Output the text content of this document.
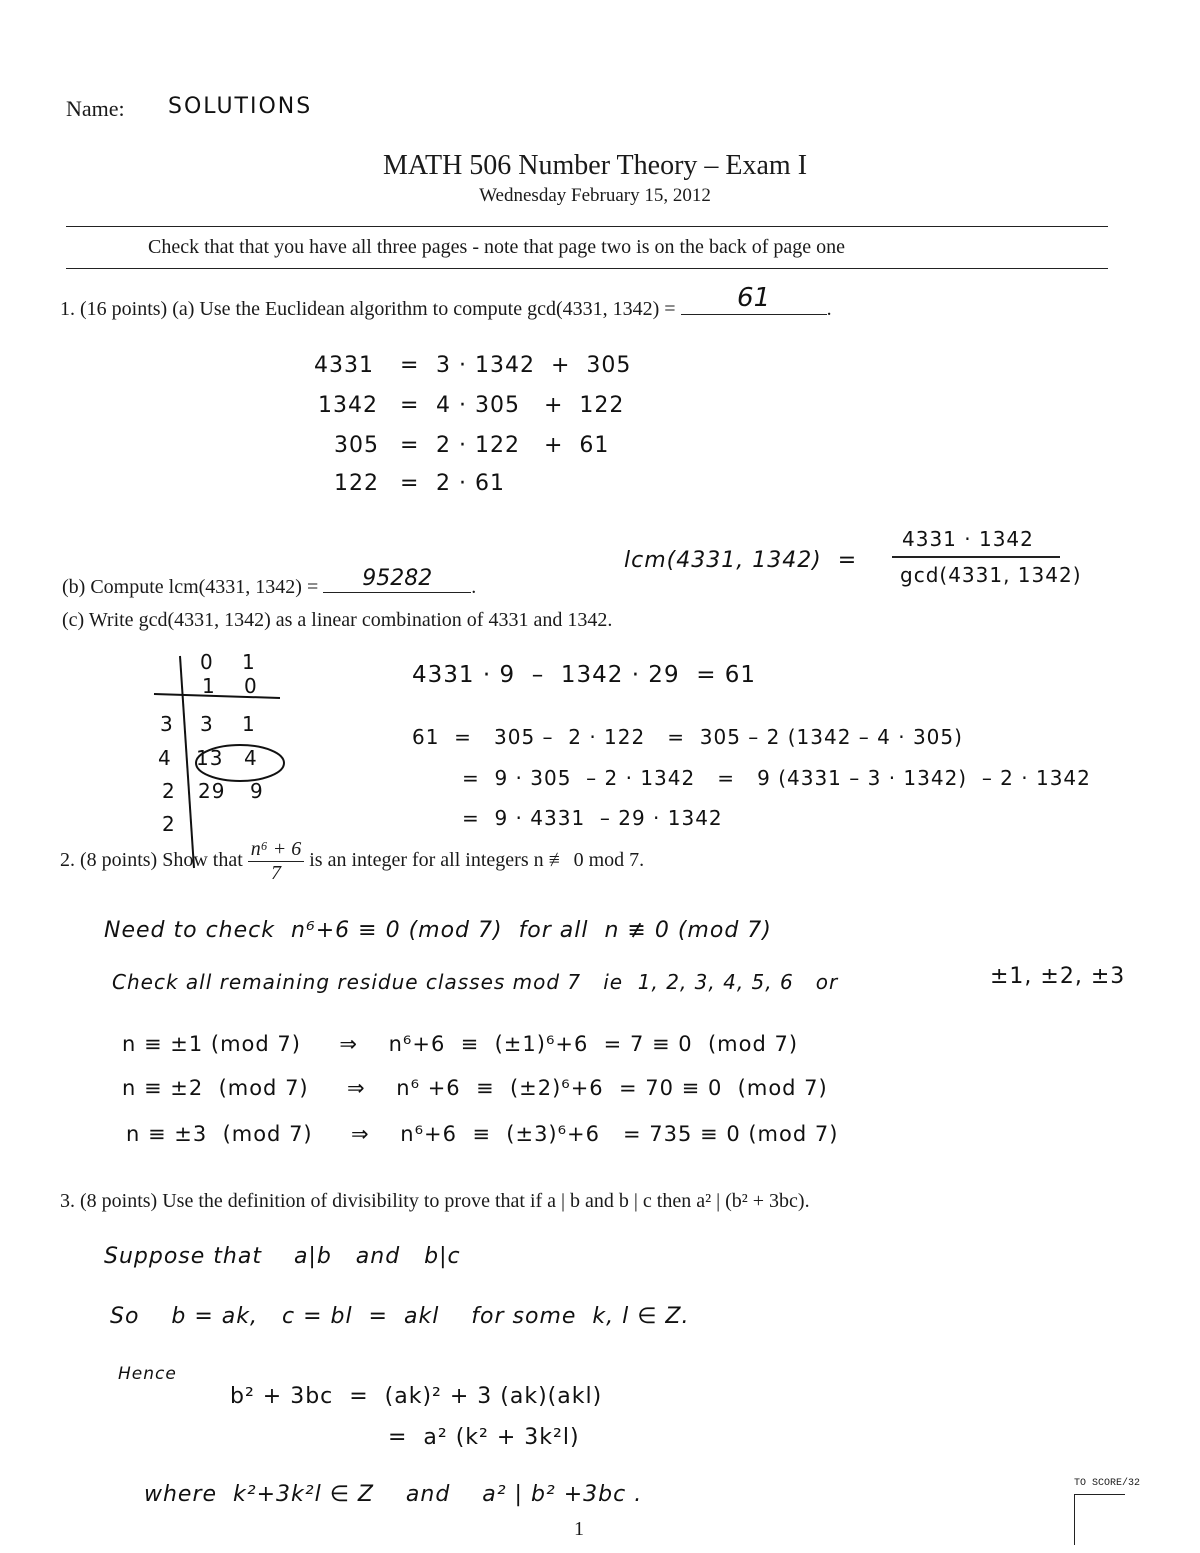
Name: SOLUTIONS
MATH 506 Number Theory – Exam I
Wednesday February 15, 2012
Check that that you have all three pages - note that page two is on the back of page one
1. (16 points) (a) Use the Euclidean algorithm to compute gcd(4331, 1342) =	61	.
4331 = 3 · 1342  +  305
1342 = 4 · 305   +  122
305 = 2 · 122   +  61
122 = 2 · 61
(b) Compute lcm(4331, 1342) =	95282	.
lcm(4331, 1342)  =
4331 · 1342
gcd(4331, 1342)
(c) Write gcd(4331, 1342) as a linear combination of 4331 and 1342.
0 1
1 0
3 3 1
4 13 4
2 29 9
2
4331 · 9  –  1342 · 29  = 61
61  =   305 –  2 · 122   =  305 – 2 (1342 – 4 · 305)
=  9 · 305  – 2 · 1342   =   9 (4331 – 3 · 1342)  – 2 · 1342
=  9 · 4331  – 29 · 1342
2. (8 points) Show that $\frac{\text{n⁶ + 6}}{7}$ is an integer for all integers n ≢ 0 mod 7.
Need to check  n⁶+6 ≡ 0 (mod 7)  for all  n ≢ 0 (mod 7)
Check all remaining residue classes mod 7   ie  1, 2, 3, 4, 5, 6   or	±1, ±2, ±3
n ≡ ±1 (mod 7)     ⇒    n⁶+6  ≡  (±1)⁶+6  = 7 ≡ 0  (mod 7)
n ≡ ±2  (mod 7)     ⇒    n⁶ +6  ≡  (±2)⁶+6  = 70 ≡ 0  (mod 7)
n ≡ ±3  (mod 7)     ⇒    n⁶+6  ≡  (±3)⁶+6   = 735 ≡ 0 (mod 7)
3. (8 points) Use the definition of divisibility to prove that if a | b and b | c then a² | (b² + 3bc).
Suppose that    a|b   and   b|c
So    b = ak,   c = bl  =  akl    for some  k, l ∈ Z.
Hence
b² + 3bc  =  (ak)² + 3 (ak)(akl)
=  a² (k² + 3k²l)
where  k²+3k²l ∈ Z    and    a² | b² +3bc .
1
TO SCORE/32
